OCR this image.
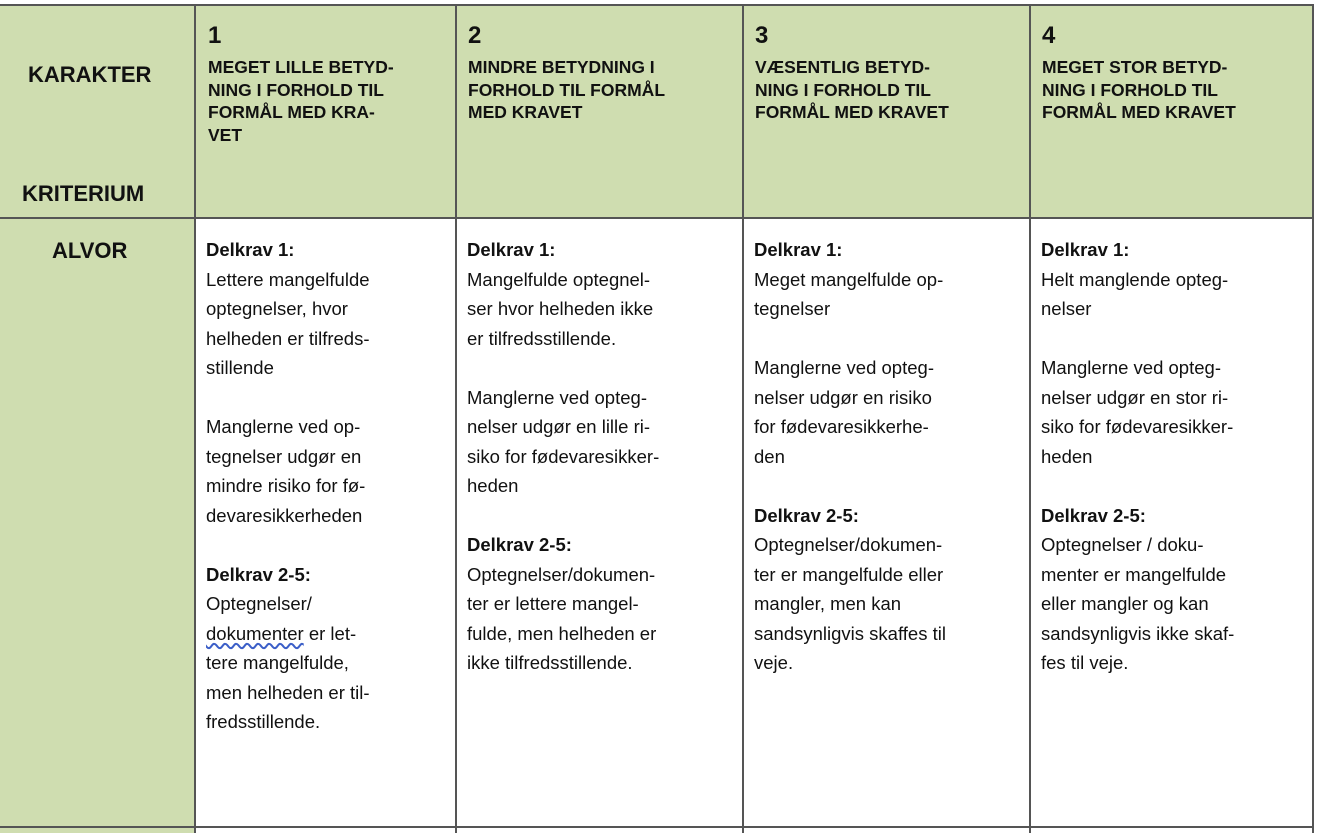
KARAKTER
KRITERIUM
1
MEGET LILLE BETYD-
NING I FORHOLD TIL
FORMÅL MED KRA-
VET
2
MINDRE BETYDNING I
FORHOLD TIL FORMÅL
MED KRAVET
3
VÆSENTLIG BETYD-
NING I FORHOLD TIL
FORMÅL MED KRAVET
4
MEGET STOR BETYD-
NING I FORHOLD TIL
FORMÅL MED KRAVET
ALVOR	Delkrav 1:
Lettere mangelfulde
optegnelser, hvor
helheden er tilfreds-
stillende
Manglerne ved op-
tegnelser udgør en
mindre risiko for fø-
devaresikkerheden
Delkrav 2-5:
Optegnelser/
dokumenter er let-
tere mangelfulde,
men helheden er til-
fredsstillende.
Delkrav 1:
Mangelfulde optegnel-
ser hvor helheden ikke
er tilfredsstillende.
Manglerne ved opteg-
nelser udgør en lille ri-
siko for fødevaresikker-
heden
Delkrav 2-5:
Optegnelser/dokumen-
ter er lettere mangel-
fulde, men helheden er
ikke tilfredsstillende.
Delkrav 1:
Meget mangelfulde op-
tegnelser
Manglerne ved opteg-
nelser udgør en risiko
for fødevaresikkerhe-
den
Delkrav 2-5:
Optegnelser/dokumen-
ter er mangelfulde eller
mangler, men kan
sandsynligvis skaffes til
veje.
Delkrav 1:
Helt manglende opteg-
nelser
Manglerne ved opteg-
nelser udgør en stor ri-
siko for fødevaresikker-
heden
Delkrav 2-5:
Optegnelser / doku-
menter er mangelfulde
eller mangler og kan
sandsynligvis ikke skaf-
fes til veje.
